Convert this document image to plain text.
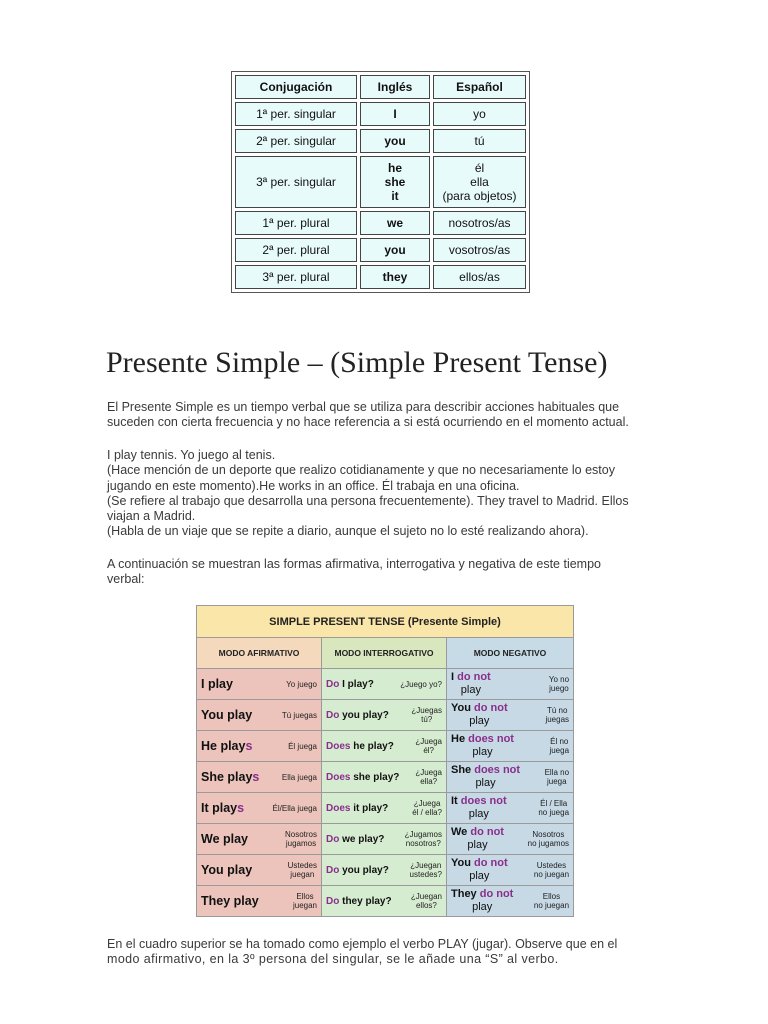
Conjugación	Inglés	Español
1ª per. singular	I	yo

2ª per. singular	you	tú

3ª per. singular	he
she
it	él
ella
(para objetos)

1ª per. plural	we	nosotros/as

2ª per. plural	you	vosotros/as

3ª per. plural	they	ellos/as
Presente Simple – (Simple Present Tense)

El Presente Simple es un tiempo verbal que se utiliza para describir acciones habituales que
suceden con cierta frecuencia y no hace referencia a si está ocurriendo en el momento actual.

I play tennis. Yo juego al tenis.
(Hace mención de un deporte que realizo cotidianamente y que no necesariamente lo estoy
jugando en este momento).He works in an office. Él trabaja en una oficina.
(Se refiere al trabajo que desarrolla una persona frecuentemente). They travel to Madrid. Ellos
viajan a Madrid.
(Habla de un viaje que se repite a diario, aunque el sujeto no lo esté realizando ahora).

A continuación se muestran las formas afirmativa, interrogativa y negativa de este tiempo
verbal:

SIMPLE PRESENT TENSE (Presente Simple)		
MODO AFIRMATIVO	MODO INTERROGATIVO	MODO NEGATIVO

I play Yo juego	Do I play? ¿Juego yo?	I do not
play
Yo no
juego

You play Tú juegas	Do you play? ¿Juegas
tú?	You do not
play
Tú no
juegas

He plays Él juega	Does he play? ¿Juega
él?	He does not
play
Él no
juega

She plays Ella juega	Does she play? ¿Juega
ella?	She does not
play
Ella no
juega

It plays Él/Ella juega	Does it play? ¿Juega
él / ella?	It does not
play
Él / Ella
no juega

We play Nosotros
jugamos	Do we play? ¿Jugamos
nosotros?	We do not
play
Nosotros
no jugamos

You play Ustedes
juegan	Do you play? ¿Juegan
ustedes?	You do not
play
Ustedes
no juegan

They play Ellos
juegan	Do they play? ¿Juegan
ellos?	They do not
play
Ellos
no juegan

En el cuadro superior se ha tomado como ejemplo el verbo PLAY (jugar). Observe que en el
modo afirmativo, en la 3º persona del singular, se le añade una “S” al verbo.
